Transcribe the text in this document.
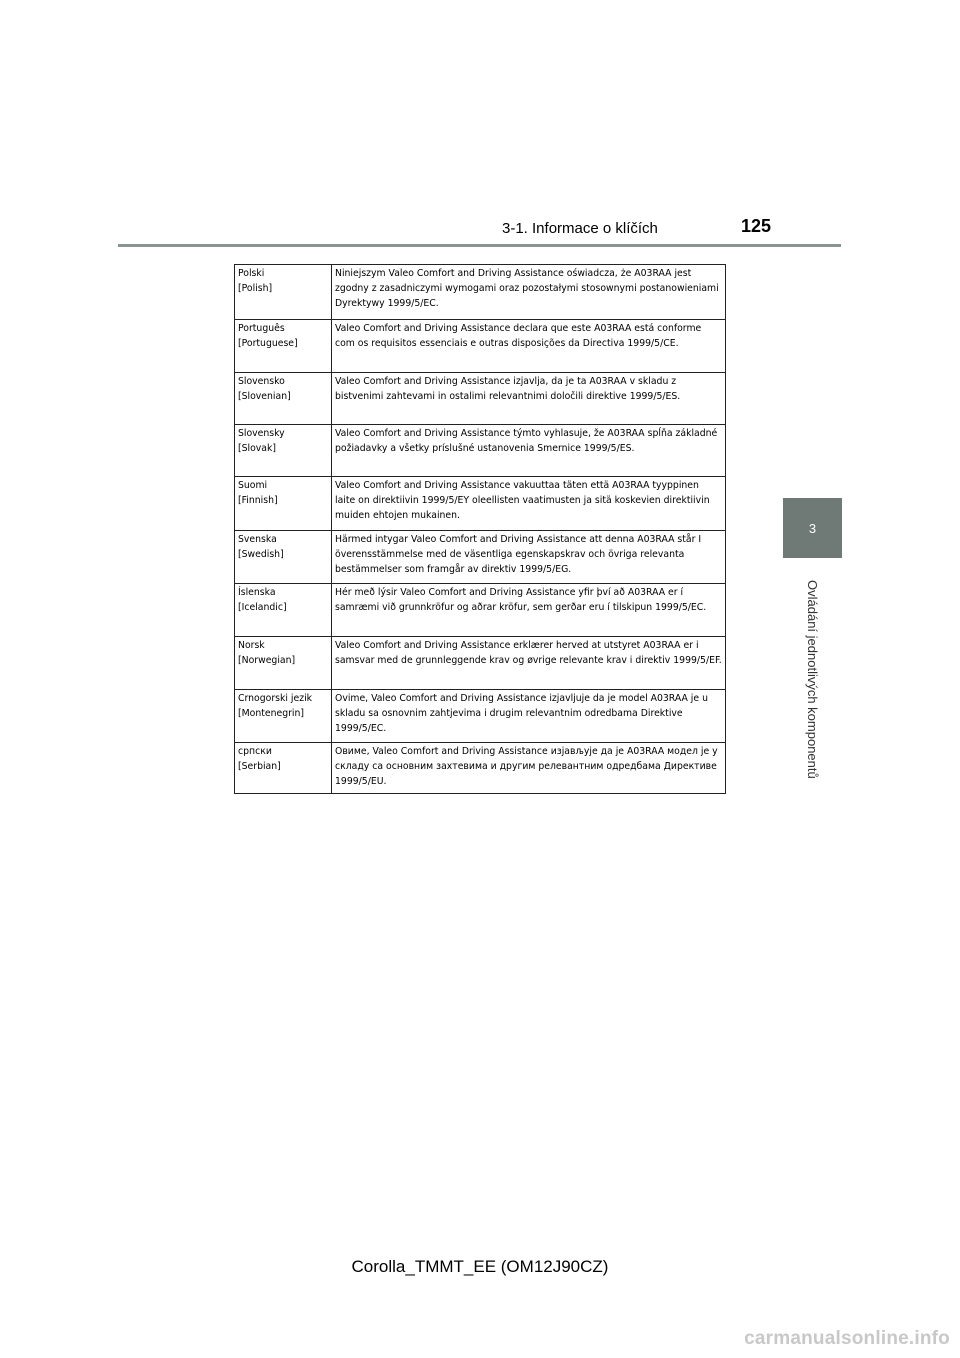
3-1. Informace o klíčích	125
3
Ovládání jednotlivých komponentů
Polski
[Polish]	Niniejszym Valeo Comfort and Driving Assistance oświadcza, że A03RAA jest zgodny z zasadniczymi wymogami oraz pozostałymi stosownymi postanowieniami Dyrektywy 1999/5/EC.

Português
[Portuguese]	Valeo Comfort and Driving Assistance declara que este A03RAA está conforme com os requisitos essenciais e outras disposições da Directiva 1999/5/CE.

Slovensko
[Slovenian]	Valeo Comfort and Driving Assistance izjavlja, da je ta A03RAA v skladu z bistvenimi zahtevami in ostalimi relevantnimi določili direktive 1999/5/ES.

Slovensky
[Slovak]	Valeo Comfort and Driving Assistance týmto vyhlasuje, že A03RAA spĺňa základné požiadavky a všetky príslušné ustanovenia Smernice 1999/5/ES.

Suomi
[Finnish]	Valeo Comfort and Driving Assistance vakuuttaa täten että A03RAA tyyppinen laite on direktiivin 1999/5/EY oleellisten vaatimusten ja sitä koskevien direktiivin muiden ehtojen mukainen.

Svenska
[Swedish]	Härmed intygar Valeo Comfort and Driving Assistance att denna A03RAA står I överensstämmelse med de väsentliga egenskapskrav och övriga relevanta bestämmelser som framgår av direktiv 1999/5/EG.

Íslenska
[Icelandic]	Hér með lýsir Valeo Comfort and Driving Assistance yfir því að A03RAA er í samræmi við grunnkröfur og aðrar kröfur, sem gerðar eru í tilskipun 1999/5/EC.

Norsk
[Norwegian]	Valeo Comfort and Driving Assistance erklærer herved at utstyret A03RAA er i samsvar med de grunnleggende krav og øvrige relevante krav i direktiv 1999/5/EF.

Crnogorski jezik
[Montenegrin]	Ovime, Valeo Comfort and Driving Assistance izjavljuje da je model A03RAA je u skladu sa osnovnim zahtjevima i drugim relevantnim odredbama Direktive 1999/5/EC.

српски
[Serbian]	Овиме, Valeo Comfort and Driving Assistance изјављује да је A03RAA модел је у складу са основним захтевима и другим релевантним одредбама Директиве 1999/5/EU.
Corolla_TMMT_EE (OM12J90CZ)
carmanualsonline.info
